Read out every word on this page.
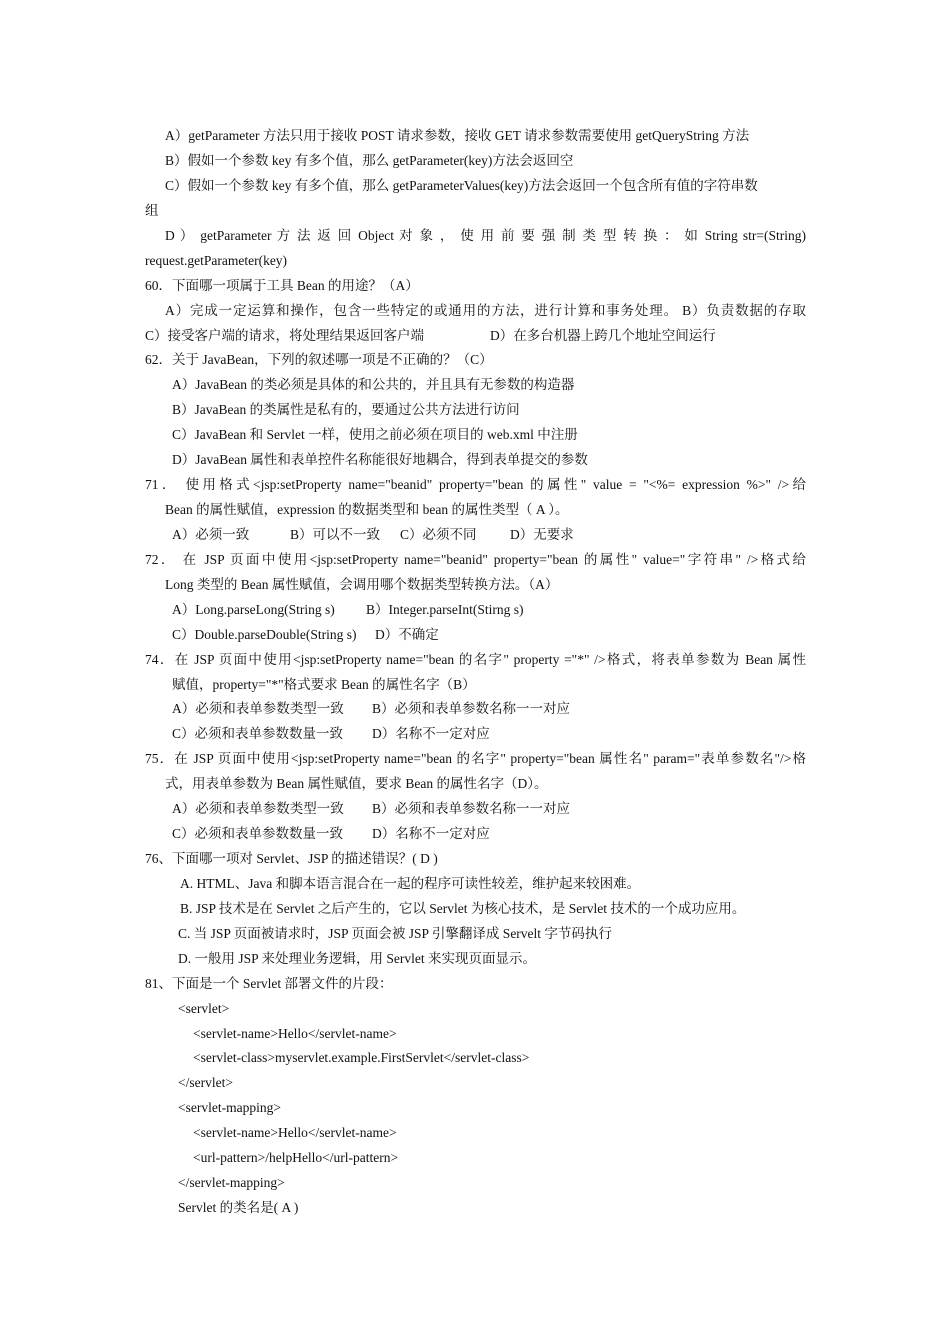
A）getParameter 方法只用于接收 POST 请求参数，接收 GET 请求参数需要使用 getQueryString 方法
B）假如一个参数 key 有多个值，那么 getParameter(key)方法会返回空
C）假如一个参数 key 有多个值，那么 getParameterValues(key)方法会返回一个包含所有值的字符串数
组
D ） getParameter 方 法 返 回 Object 对 象 ， 使 用 前 要 强 制 类 型 转 换 ： 如 String str=(String)
request.getParameter(key)
60．下面哪一项属于工具 Bean 的用途？（A）
A）完成一定运算和操作，包含一些特定的或通用的方法，进行计算和事务处理。 B）负责数据的存取
C）接受客户端的请求，将处理结果返回客户端	D）在多台机器上跨几个地址空间运行
62．关于 JavaBean，下列的叙述哪一项是不正确的？（C）
A）JavaBean 的类必须是具体的和公共的，并且具有无参数的构造器
B）JavaBean 的类属性是私有的，要通过公共方法进行访问
C）JavaBean 和 Servlet 一样，使用之前必须在项目的 web.xml 中注册
D）JavaBean 属性和表单控件名称能很好地耦合，得到表单提交的参数
71． 使用格式<jsp:setProperty name="beanid" property="bean 的属性" value = "<%= expression %>" />给
Bean 的属性赋值，expression 的数据类型和 bean 的属性类型（ A ）。
A）必须一致	B）可以不一致 C）必须不同 D）无要求
72． 在 JSP 页面中使用<jsp:setProperty name="beanid" property="bean 的属性" value="字符串" />格式给
Long 类型的 Bean 属性赋值，会调用哪个数据类型转换方法。（A）
A）Long.parseLong(String s) B）Integer.parseInt(Stirng s)
C）Double.parseDouble(String s) D）不确定
74．在 JSP 页面中使用<jsp:setProperty name="bean 的名字" property ="*" />格式，将表单参数为 Bean 属性
赋值，property="*"格式要求 Bean 的属性名字（B）
A）必须和表单参数类型一致 B）必须和表单参数名称一一对应
C）必须和表单参数数量一致 D）名称不一定对应
75．在 JSP 页面中使用<jsp:setProperty name="bean 的名字" property="bean 属性名" param="表单参数名"/>格
式，用表单参数为 Bean 属性赋值，要求 Bean 的属性名字（D）。
A）必须和表单参数类型一致 B）必须和表单参数名称一一对应
C）必须和表单参数数量一致 D）名称不一定对应
76、下面哪一项对 Servlet、JSP 的描述错误？( D )
A. HTML、Java 和脚本语言混合在一起的程序可读性较差，维护起来较困难。
B. JSP 技术是在 Servlet 之后产生的，它以 Servlet 为核心技术，是 Servlet 技术的一个成功应用。
C. 当 JSP 页面被请求时，JSP 页面会被 JSP 引擎翻译成 Servelt 字节码执行
D. 一般用 JSP 来处理业务逻辑，用 Servlet 来实现页面显示。
81、下面是一个 Servlet 部署文件的片段：
<servlet>
<servlet-name>Hello</servlet-name>
<servlet-class>myservlet.example.FirstServlet</servlet-class>
</servlet>
<servlet-mapping>
<servlet-name>Hello</servlet-name>
<url-pattern>/helpHello</url-pattern>
</servlet-mapping>
Servlet 的类名是( A )
